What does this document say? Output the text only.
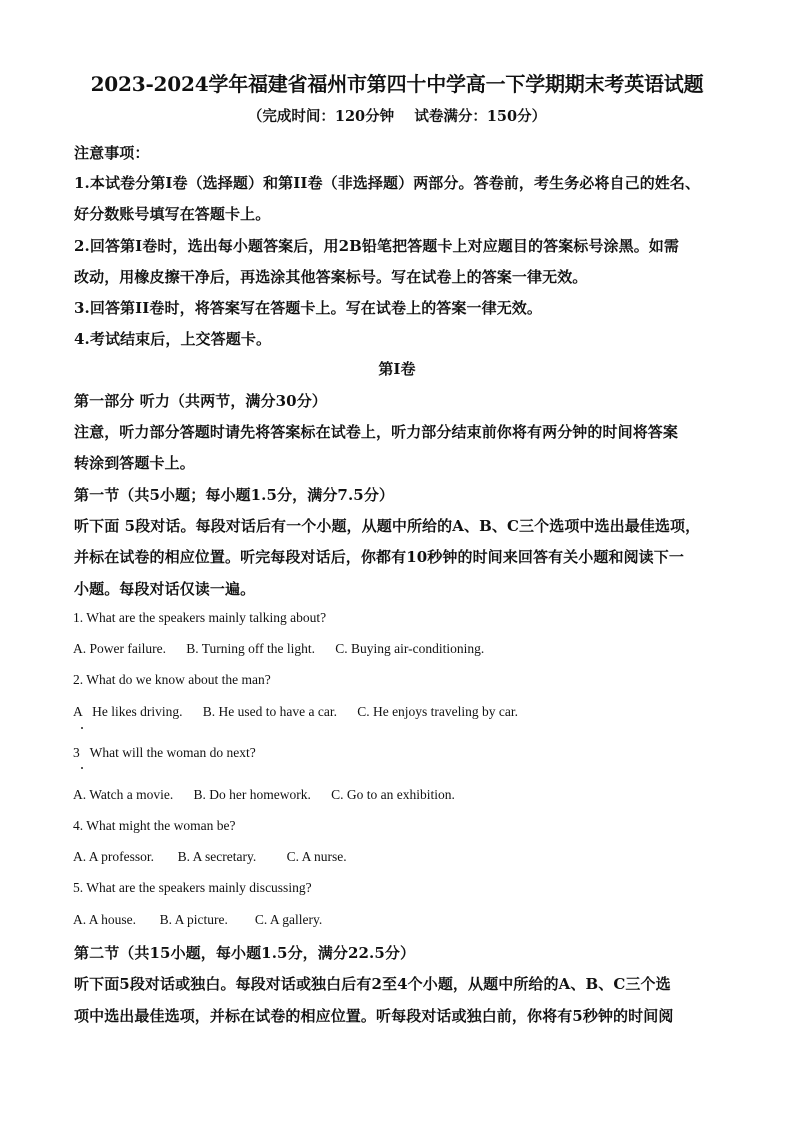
2023-2024学年福建省福州市第四十中学高一下学期期末考英语试题
（完成时间：120分钟    试卷满分：150分）
注意事项：
1.本试卷分第I卷（选择题）和第II卷（非选择题）两部分。答卷前，考生务必将自己的姓名、
好分数账号填写在答题卡上。
2.回答第I卷时，选出每小题答案后，用2B铅笔把答题卡上对应题目的答案标号涂黑。如需
改动，用橡皮擦干净后，再选涂其他答案标号。写在试卷上的答案一律无效。
3.回答第II卷时，将答案写在答题卡上。写在试卷上的答案一律无效。
4.考试结束后，上交答题卡。
第I卷
第一部分 听力（共两节，满分30分）
注意，听力部分答题时请先将答案标在试卷上，听力部分结束前你将有两分钟的时间将答案
转涂到答题卡上。
第一节（共5小题；每小题1.5分，满分7.5分）
听下面 5段对话。每段对话后有一个小题，从题中所给的A、B、C三个选项中选出最佳选项，
并标在试卷的相应位置。听完每段对话后，你都有10秒钟的时间来回答有关小题和阅读下一
小题。每段对话仅读一遍。
1. What are the speakers mainly talking about?
A. Power failure.      B. Turning off the light.      C. Buying air-conditioning.
2. What do we know about the man?
A   He likes driving.      B. He used to have a car.      C. He enjoys traveling by car.
3   What will the woman do next?
A. Watch a movie.      B. Do her homework.      C. Go to an exhibition.
4. What might the woman be?
A. A professor.       B. A secretary.         C. A nurse.
5. What are the speakers mainly discussing?
A. A house.       B. A picture.        C. A gallery.
第二节（共15小题，每小题1.5分，满分22.5分）
听下面5段对话或独白。每段对话或独白后有2至4个小题，从题中所给的A、B、C三个选
项中选出最佳选项，并标在试卷的相应位置。听每段对话或独白前，你将有5秒钟的时间阅
